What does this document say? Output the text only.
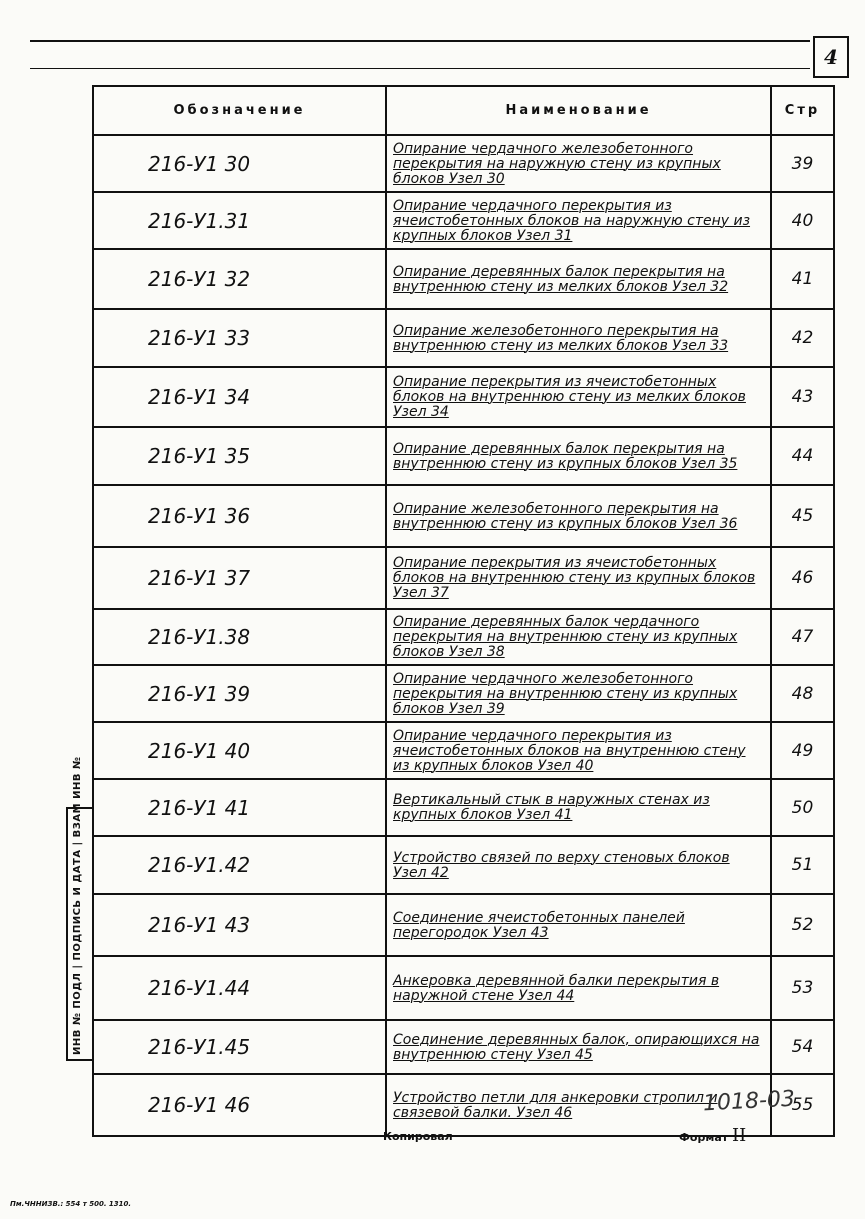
4
Обозначение	Наименование	Стр
216-У1 30	Опирание чердачного железобетонного перекрытия на наружную стену из крупных блоков Узел 30	39
216-У1.31	Опирание чердачного перекрытия из ячеистобетонных блоков на наружную стену из крупных блоков Узел 31	40
216-У1 32	Опирание деревянных балок перекрытия на внутреннюю стену из мелких блоков Узел 32	41
216-У1 33	Опирание железобетонного перекрытия на внутреннюю стену из мелких блоков Узел 33	42
216-У1 34	Опирание перекрытия из ячеистобетонных блоков на внутреннюю стену из мелких блоков Узел 34	43
216-У1 35	Опирание деревянных балок перекрытия на внутреннюю стену из крупных блоков Узел 35	44
216-У1 36	Опирание железобетонного перекрытия на внутреннюю стену из крупных блоков Узел 36	45
216-У1 37	Опирание перекрытия из ячеистобетонных блоков на внутреннюю стену из крупных блоков Узел 37	46
216-У1.38	Опирание деревянных балок чердачного перекрытия на внутреннюю стену из крупных блоков Узел 38	47
216-У1 39	Опирание чердачного железобетонного перекрытия на внутреннюю стену из крупных блоков Узел 39	48
216-У1 40	Опирание чердачного перекрытия из ячеистобетонных блоков на внутреннюю стену из крупных блоков Узел 40	49
216-У1 41	Вертикальный стык в наружных стенах из крупных блоков Узел 41	50
216-У1.42	Устройство связей по верху стеновых блоков Узел 42	51
216-У1 43	Соединение ячеистобетонных панелей перегородок Узел 43	52
216-У1.44	Анкеровка деревянной балки перекрытия в наружной стене Узел 44	53
216-У1.45	Соединение деревянных балок, опирающихся на внутреннюю стену Узел 45	54
216-У1 46	Устройство петли для анкеровки стропил и связевой балки. Узел 46	55
ИНВ № ПОДЛ | ПОДПИСЬ И ДАТА | ВЗАМ ИНВ №
1018-03
Копировал	Формат II
Пм.ЧННИЗВ.: 554 т 500. 1310.
